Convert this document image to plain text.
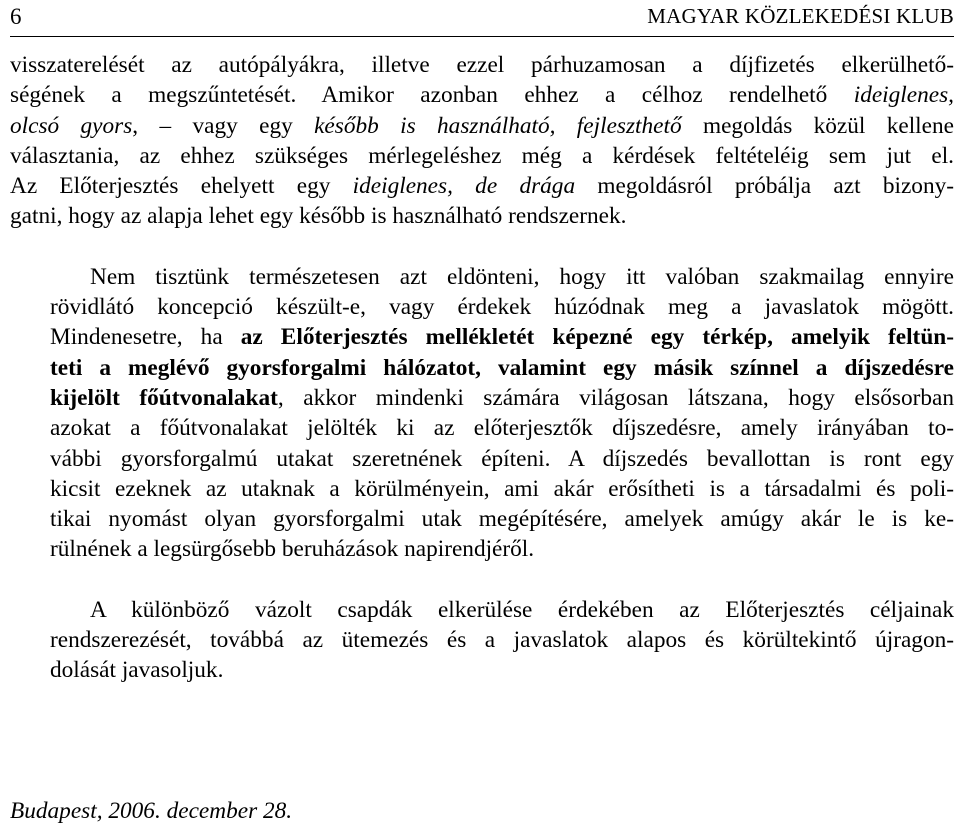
6	MAGYAR KÖZLEKEDÉSI KLUB

visszaterelését az autópályákra, illetve ezzel párhuzamosan a díjfizetés elkerülhető-
ségének a megszűntetését. Amikor azonban ehhez a célhoz rendelhető ideiglenes,
olcsó gyors, – vagy egy később is használható, fejleszthető megoldás közül kellene
választania, az ehhez szükséges mérlegeléshez még a kérdések feltételéig sem jut el.
Az Előterjesztés ehelyett egy ideiglenes, de drága megoldásról próbálja azt bizony-
gatni, hogy az alapja lehet egy később is használható rendszernek.

Nem tisztünk természetesen azt eldönteni, hogy itt valóban szakmailag ennyire
rövidlátó koncepció készült-e, vagy érdekek húzódnak meg a javaslatok mögött.
Mindenesetre, ha az Előterjesztés mellékletét képezné egy térkép, amelyik feltün-
teti a meglévő gyorsforgalmi hálózatot, valamint egy másik színnel a díjszedésre
kijelölt főútvonalakat, akkor mindenki számára világosan látszana, hogy elsősorban
azokat a főútvonalakat jelölték ki az előterjesztők díjszedésre, amely irányában to-
vábbi gyorsforgalmú utakat szeretnének építeni. A díjszedés bevallottan is ront egy
kicsit ezeknek az utaknak a körülményein, ami akár erősítheti is a társadalmi és poli-
tikai nyomást olyan gyorsforgalmi utak megépítésére, amelyek amúgy akár le is ke-
rülnének a legsürgősebb beruházások napirendjéről.

A különböző vázolt csapdák elkerülése érdekében az Előterjesztés céljainak
rendszerezését, továbbá az ütemezés és a javaslatok alapos és körültekintő újragon-
dolását javasoljuk.

Budapest, 2006. december 28.
